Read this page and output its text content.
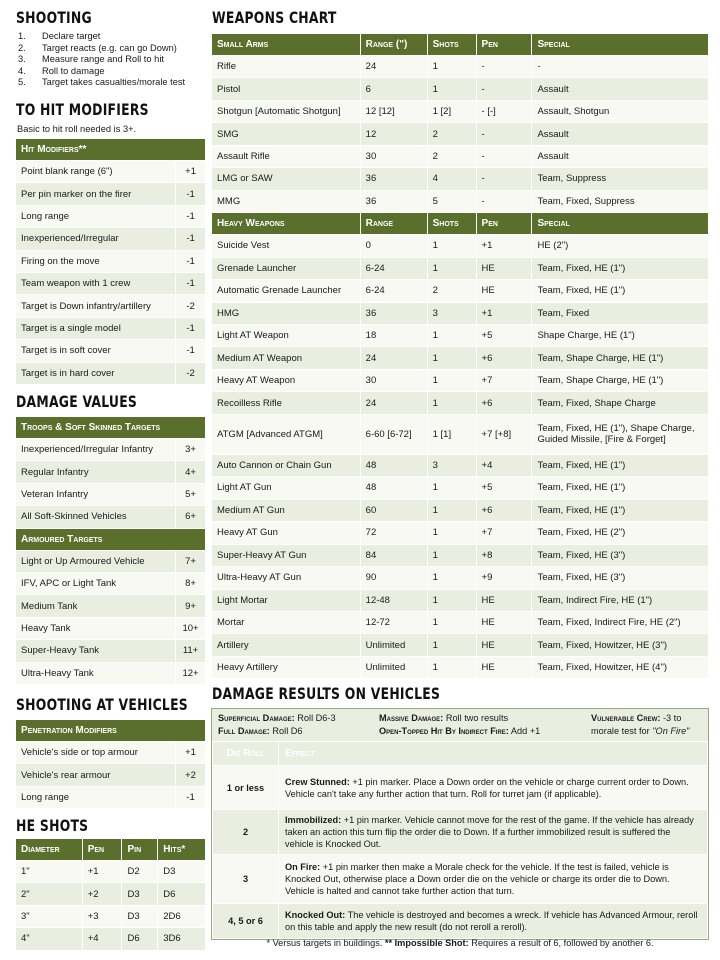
SHOOTING
1. Declare target
2. Target reacts (e.g. can go Down)
3. Measure range and Roll to hit
4. Roll to damage
5. Target takes casualties/morale test
TO HIT MODIFIERS
Basic to hit roll needed is 3+.
Hit Modifiers**	
Point blank range (6")	+1
Per pin marker on the firer	-1
Long range	-1
Inexperienced/Irregular	-1
Firing on the move	-1
Team weapon with 1 crew	-1
Target is Down infantry/artillery	-2
Target is a single model	-1
Target is in soft cover	-1
Target is in hard cover	-2
DAMAGE VALUES
Troops & Soft Skinned Targets	
Inexperienced/Irregular Infantry	3+
Regular Infantry	4+
Veteran Infantry	5+
All Soft-Skinned Vehicles	6+
Armoured Targets	
Light or Up Armoured Vehicle	7+
IFV, APC or Light Tank	8+
Medium Tank	9+
Heavy Tank	10+
Super-Heavy Tank	11+
Ultra-Heavy Tank	12+
SHOOTING AT VEHICLES
Penetration Modifiers	
Vehicle's side or top armour	+1
Vehicle's rear armour	+2
Long range	-1
HE SHOTS
Diameter	Pen	Pin	Hits*
1"	+1	D2	D3
2"	+2	D3	D6
3"	+3	D3	2D6
4"	+4	D6	3D6
WEAPONS CHART
Small Arms	Range (")	Shots	Pen	Special
Rifle	24	1	-	-
Pistol	6	1	-	Assault
Shotgun [Automatic Shotgun]	12 [12]	1 [2]	- [-]	Assault, Shotgun
SMG	12	2	-	Assault
Assault Rifle	30	2	-	Assault
LMG or SAW	36	4	-	Team, Suppress
MMG	36	5	-	Team, Fixed, Suppress
Heavy Weapons	Range	Shots	Pen	Special
Suicide Vest	0	1	+1	HE (2")
Grenade Launcher	6-24	1	HE	Team, Fixed, HE (1")
Automatic Grenade Launcher	6-24	2	HE	Team, Fixed, HE (1")
HMG	36	3	+1	Team, Fixed
Light AT Weapon	18	1	+5	Shape Charge, HE (1")
Medium AT Weapon	24	1	+6	Team, Shape Charge, HE (1")
Heavy AT Weapon	30	1	+7	Team, Shape Charge, HE (1")
Recoilless Rifle	24	1	+6	Team, Fixed, Shape Charge
ATGM [Advanced ATGM]	6-60 [6-72]	1 [1]	+7 [+8]	Team, Fixed, HE (1"), Shape Charge, Guided Missile, [Fire & Forget]
Auto Cannon or Chain Gun	48	3	+4	Team, Fixed, HE (1")
Light AT Gun	48	1	+5	Team, Fixed, HE (1")
Medium AT Gun	60	1	+6	Team, Fixed, HE (1")
Heavy AT Gun	72	1	+7	Team, Fixed, HE (2")
Super-Heavy AT Gun	84	1	+8	Team, Fixed, HE (3")
Ultra-Heavy AT Gun	90	1	+9	Team, Fixed, HE (3")
Light Mortar	12-48	1	HE	Team, Indirect Fire, HE (1")
Mortar	12-72	1	HE	Team, Fixed, Indirect Fire, HE (2")
Artillery	Unlimited	1	HE	Team, Fixed, Howitzer, HE (3")
Heavy Artillery	Unlimited	1	HE	Team, Fixed, Howitzer, HE (4")
DAMAGE RESULTS ON VEHICLES
Superficial Damage: Roll D6-3
Full Damage: Roll D6
Massive Damage: Roll two results
Open-Topped Hit By Indirect Fire: Add +1
Vulnerable Crew: -3 to
morale test for "On Fire"
Die Roll	Effect
1 or less	Crew Stunned: +1 pin marker. Place a Down order on the vehicle or charge current order to Down. Vehicle can't take any further action that turn. Roll for turret jam (if applicable).
2	Immobilized: +1 pin marker. Vehicle cannot move for the rest of the game. If the vehicle has already taken an action this turn flip the order die to Down. If a further immobilized result is suffered the vehicle is Knocked Out.
3	On Fire: +1 pin marker then make a Morale check for the vehicle. If the test is failed, vehicle is Knocked Out, otherwise place a Down order die on the vehicle or charge its order die to Down. Vehicle is halted and cannot take further action that turn.
4, 5 or 6	Knocked Out: The vehicle is destroyed and becomes a wreck. If vehicle has Advanced Armour, reroll on this table and apply the new result (do not reroll a reroll).
* Versus targets in buildings. ** Impossible Shot: Requires a result of 6, followed by another 6.
